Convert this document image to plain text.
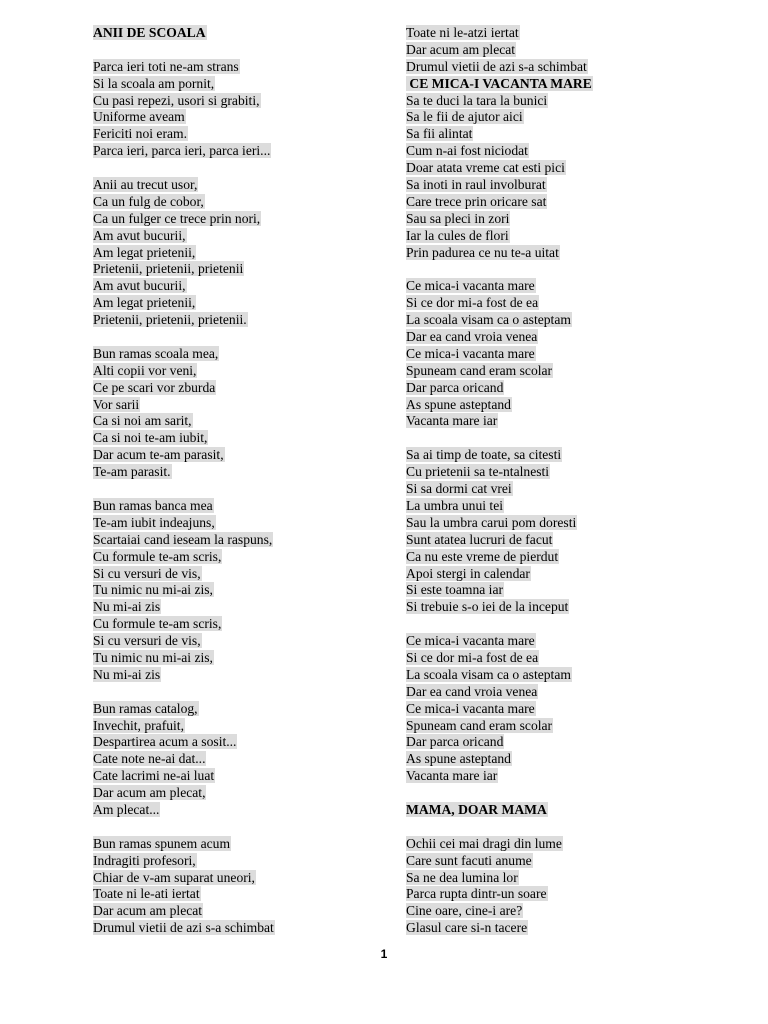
ANII DE SCOALA
Parca ieri toti ne-am strans
Si la scoala am pornit,
Cu pasi repezi, usori si grabiti,
Uniforme aveam
Fericiti noi eram.
Parca ieri, parca ieri, parca ieri...
Anii au trecut usor,
Ca un fulg de cobor,
Ca un fulger ce trece prin nori,
Am avut bucurii,
Am legat prietenii,
Prietenii, prietenii, prietenii
Am avut bucurii,
Am legat prietenii,
Prietenii, prietenii, prietenii.
Bun ramas scoala mea,
Alti copii vor veni,
Ce pe scari vor zburda
Vor sarii
Ca si noi am sarit,
Ca si noi te-am iubit,
Dar acum te-am parasit,
Te-am parasit.
Bun ramas banca mea
Te-am iubit indeajuns,
Scartaiai cand ieseam la raspuns,
Cu formule te-am scris,
Si cu versuri de vis,
Tu nimic nu mi-ai zis,
Nu mi-ai zis
Cu formule te-am scris,
Si cu versuri de vis,
Tu nimic nu mi-ai zis,
Nu mi-ai zis
Bun ramas catalog,
Invechit, prafuit,
Despartirea acum a sosit...
Cate note ne-ai dat...
Cate lacrimi ne-ai luat
Dar acum am plecat,
Am plecat...
Bun ramas spunem acum
Indragiti profesori,
Chiar de v-am suparat uneori,
Toate ni le-ati iertat
Dar acum am plecat
Drumul vietii de azi s-a schimbat
Toate ni le-atzi iertat
Dar acum am plecat
Drumul vietii de azi s-a schimbat
CE MICA-I VACANTA MARE
Sa te duci la tara la bunici
Sa le fii de ajutor aici
Sa fii alintat
Cum n-ai fost niciodat
Doar atata vreme cat esti pici
Sa inoti in raul involburat
Care trece prin oricare sat
Sau sa pleci in zori
Iar la cules de flori
Prin padurea ce nu te-a uitat
Ce mica-i vacanta mare
Si ce dor mi-a fost de ea
La scoala visam ca o asteptam
Dar ea cand vroia venea
Ce mica-i vacanta mare
Spuneam cand eram scolar
Dar parca oricand
As spune asteptand
Vacanta mare iar
Sa ai timp de toate, sa citesti
Cu prietenii sa te-ntalnesti
Si sa dormi cat vrei
La umbra unui tei
Sau la umbra carui pom doresti
Sunt atatea lucruri de facut
Ca nu este vreme de pierdut
Apoi stergi in calendar
Si este toamna iar
Si trebuie s-o iei de la inceput
Ce mica-i vacanta mare
Si ce dor mi-a fost de ea
La scoala visam ca o asteptam
Dar ea cand vroia venea
Ce mica-i vacanta mare
Spuneam cand eram scolar
Dar parca oricand
As spune asteptand
Vacanta mare iar
MAMA, DOAR MAMA
Ochii cei mai dragi din lume
Care sunt facuti anume
Sa ne dea lumina lor
Parca rupta dintr-un soare
Cine oare, cine-i are?
Glasul care si-n tacere
1
